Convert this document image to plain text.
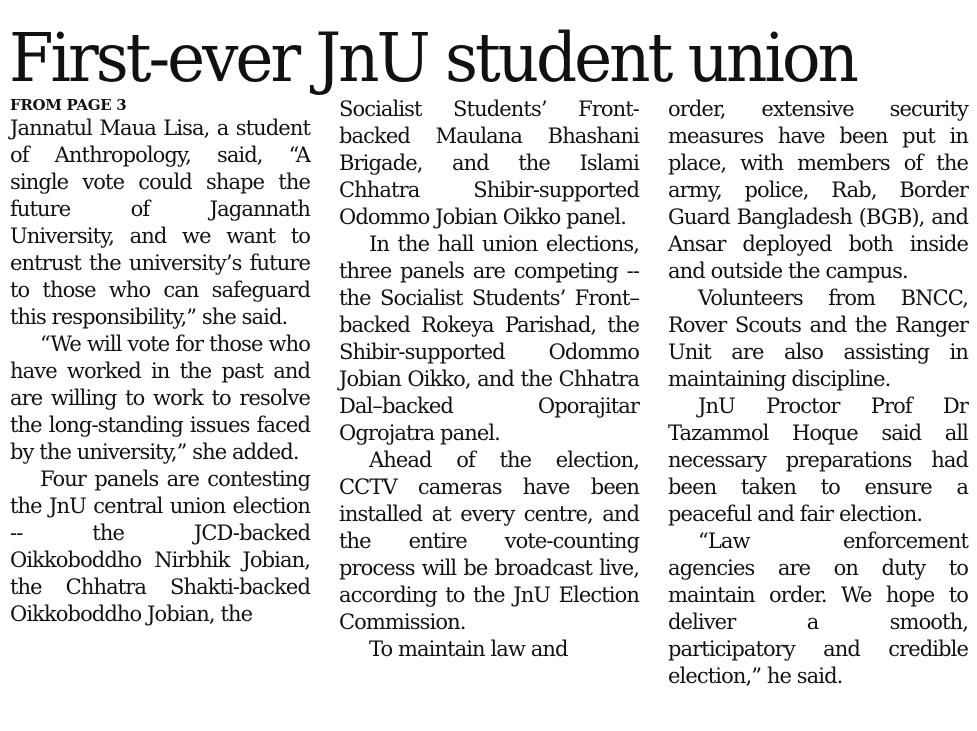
First-ever JnU student union

FROM PAGE 3

Jannatul Maua Lisa, a student of Anthropology, said, “A single vote could shape the future of Jagannath University, and we want to entrust the university’s future to those who can safeguard this responsibility,” she said.

“We will vote for those who have worked in the past and are willing to work to resolve the long-standing issues faced by the university,” she added.

Four panels are contesting the JnU central union election -- the JCD-backed Oikkoboddho Nirbhik Jobian, the Chhatra Shakti-backed Oikkoboddho Jobian, the

Socialist Students’ Front-backed Maulana Bhashani Brigade, and the Islami Chhatra Shibir-supported Odommo Jobian Oikko panel.

In the hall union elections, three panels are competing -- the Socialist Students’ Front–backed Rokeya Parishad, the Shibir-supported Odommo Jobian Oikko, and the Chhatra Dal–backed Oporajitar Ogrojatra panel.

Ahead of the election, CCTV cameras have been installed at every centre, and the entire vote-counting process will be broadcast live, according to the JnU Election Commission.

To maintain law and

order, extensive security measures have been put in place, with members of the army, police, Rab, Border Guard Bangladesh (BGB), and Ansar deployed both inside and outside the campus.

Volunteers from BNCC, Rover Scouts and the Ranger Unit are also assisting in maintaining discipline.

JnU Proctor Prof Dr Tazammol Hoque said all necessary preparations had been taken to ensure a peaceful and fair election.

“Law enforcement agencies are on duty to maintain order. We hope to deliver a smooth, participatory and credible election,” he said.
